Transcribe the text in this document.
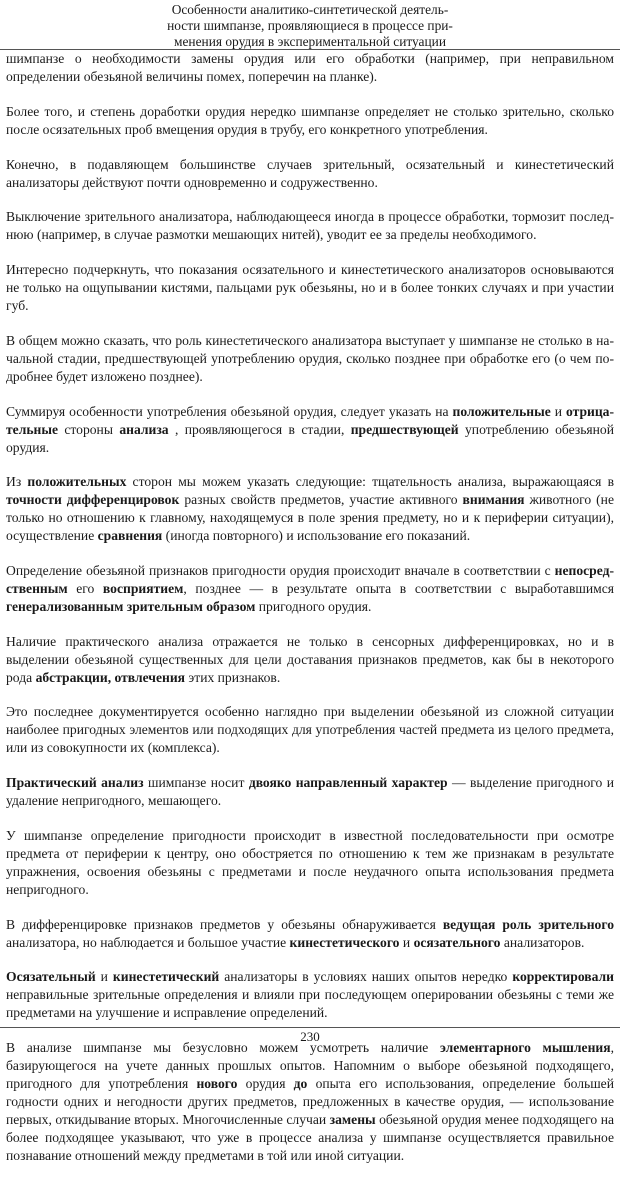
Особенности аналитико-синтетической деятель-
ности шимпанзе, проявляющиеся в процессе при-
менения орудия в экспериментальной ситуации

шимпанзе о необходимости замены орудия или его обработки (например, при неправильном определении обезьяной величины помех, поперечин на планке).

Более того, и степень доработки орудия нередко шимпанзе определяет не столько зрительно, сколько после осязательных проб вмещения орудия в трубу, его конкретного употребления.

Конечно, в подавляющем большинстве случаев зрительный, осязательный и кинестетический анализаторы действуют почти одновременно и содружественно.

Выключение зрительного анализатора, наблюдающееся иногда в процессе обработки, тормозит последнюю (например, в случае размотки мешающих нитей), уводит ее за пределы необходимого.

Интересно подчеркнуть, что показания осязательного и кинестетического анализаторов основываются не только на ощупывании кистями, пальцами рук обезьяны, но и в более тонких случаях и при участии губ.

В общем можно сказать, что роль кинестетического анализатора выступает у шимпанзе не столько в начальной стадии, предшествующей употреблению орудия, сколько позднее при обработке его (о чем подробнее будет изложено позднее).

Суммируя особенности употребления обезьяной орудия, следует указать на положительные и отрицательные стороны анализа , проявляющегося в стадии, предшествующей употреблению обезьяной орудия.

Из положительных сторон мы можем указать следующие: тщательность анализа, выражающаяся в точности дифференцировок разных свойств предметов, участие активного внимания животного (не только но отношению к главному, находящемуся в поле зрения предмету, но и к периферии ситуации), осуществление сравнения (иногда повторного) и использование его показаний.

Определение обезьяной признаков пригодности орудия происходит вначале в соответствии с непосредственным его восприятием, позднее — в результате опыта в соответствии с выработавшимся генерализованным зрительным образом пригодного орудия.

Наличие практического анализа отражается не только в сенсорных дифференцировках, но и в выделении обезьяной существенных для цели доставания признаков предметов, как бы в некоторого рода абстракции, отвлечения этих признаков.

Это последнее документируется особенно наглядно при выделении обезьяной из сложной ситуации наиболее пригодных элементов или подходящих для употребления частей предмета из целого предмета, или из совокупности их (комплекса).

Практический анализ шимпанзе носит двояко направленный характер — выделение пригодного и удаление непригодного, мешающего.

У шимпанзе определение пригодности происходит в известной последовательности при осмотре предмета от периферии к центру, оно обостряется по отношению к тем же признакам в результате упражнения, освоения обезьяны с предметами и после неудачного опыта использования предмета непригодного.

В дифференцировке признаков предметов у обезьяны обнаруживается ведущая роль зрительного анализатора, но наблюдается и большое участие кинестетического и осязательного анализаторов.

Осязательный и кинестетический анализаторы в условиях наших опытов нередко корректировали неправильные зрительные определения и влияли при последующем оперировании обезьяны с теми же предметами на улучшение и исправление определений.

В анализе шимпанзе мы безусловно можем усмотреть наличие элементарного мышления, базирующегося на учете данных прошлых опытов. Напомним о выборе обезьяной подходящего, пригодного для употребления нового орудия до опыта его использования, определение большей годности одних и негодности других предметов, предложенных в качестве орудия, — использование первых, откидывание вторых. Многочисленные случаи замены обезьяной орудия менее подходящего на более подходящее указывают, что уже в процессе анализа у шимпанзе осуществляется правильное познавание отношений между предметами в той или иной ситуации.

230
